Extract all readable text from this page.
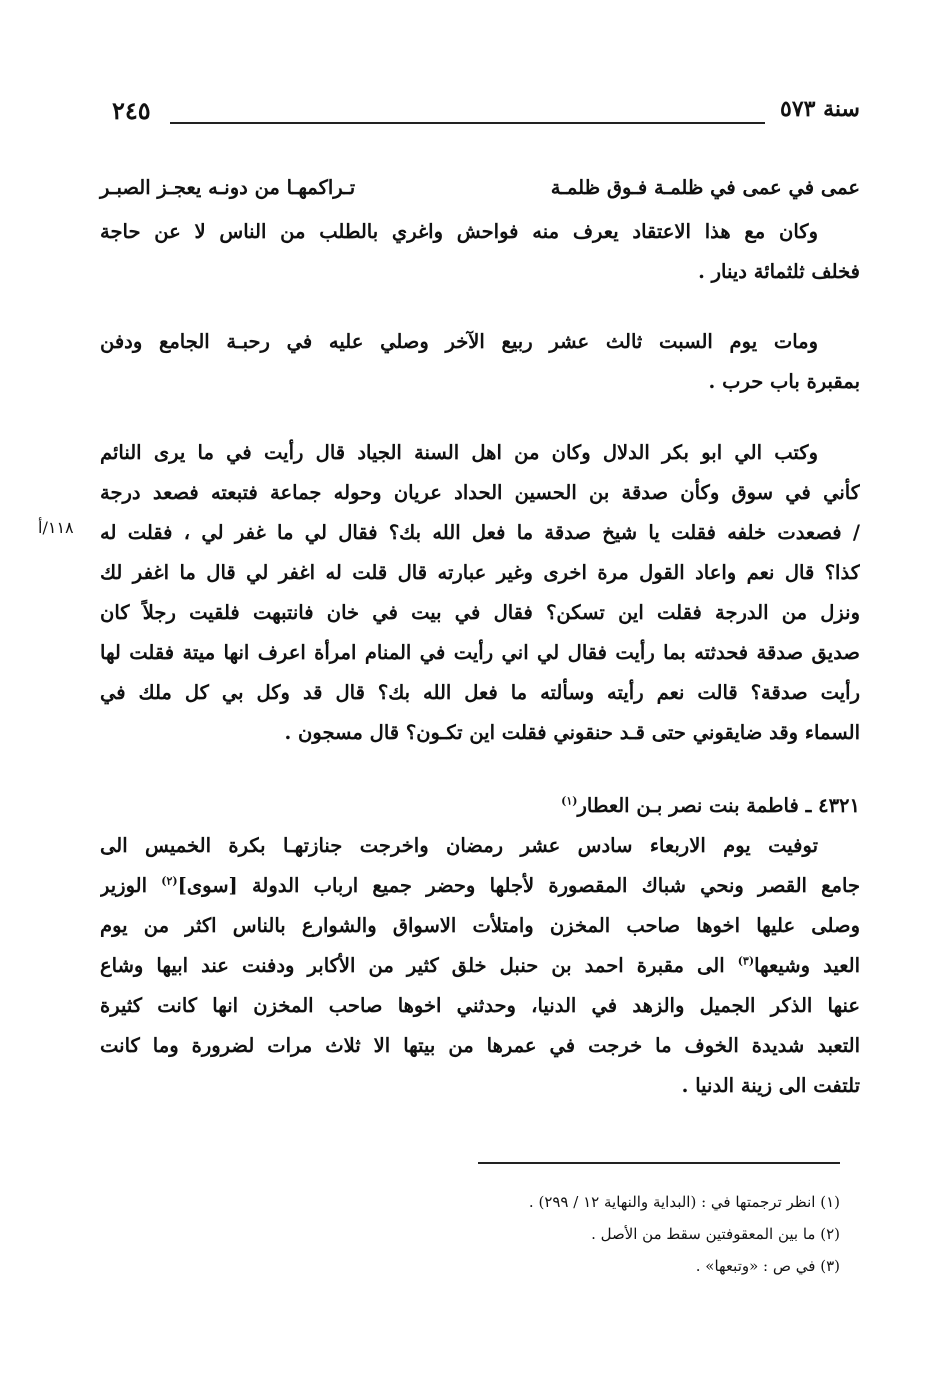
٢٤٥	سنة ٥٧٣
عمى في عمى في ظلمـة فـوق ظلمـة
تـراكمهـا من دونـه يعجـز الصبـر
وكان مع هذا الاعتقاد يعرف منه فواحش واغري بالطلب من الناس لا عن حاجة
فخلف ثلثمائة دينار .
ومات يوم السبت ثالث عشر ربيع الآخر وصلي عليه في رحبـة الجامع ودفن
بمقبرة باب حرب .
وكتب الي ابو بكر الدلال وكان من اهل السنة الجياد قال رأيت في ما يرى النائم
كأني في سوق وكأن صدقة بن الحسين الحداد عريان وحوله جماعة فتبعته فصعد درجة
/ فصعدت خلفه فقلت يا شيخ صدقة ما فعل الله بك؟ فقال لي ما غفر لي ، فقلت له
كذا؟ قال نعم واعاد القول مرة اخرى وغير عبارته قال قلت له اغفر لي قال ما اغفر لك
ونزل من الدرجة فقلت اين تسكن؟ فقال في بيت في خان فانتبهت فلقيت رجلاً كان
صديق صدقة فحدثته بما رأيت فقال لي اني رأيت في المنام امرأة اعرف انها ميتة فقلت لها
رأيت صدقة؟ قالت نعم رأيته وسألته ما فعل الله بك؟ قال قد وكل بي كل ملك في
السماء وقد ضايقوني حتى قـد حنقوني فقلت اين تكـون؟ قال مسجون .
١١٨/أ
٤٣٢١ ـ فاطمة بنت نصر بـن العطار$^{(١)}$
توفيت يوم الاربعاء سادس عشر رمضان واخرجت جنازتهـا بكرة الخميس الى
جامع القصر ونحي شباك المقصورة لأجلها وحضر جميع ارباب الدولة [سوى]$^{(٢)}$ الوزير
وصلى عليها اخوها صاحب المخزن وامتلأت الاسواق والشوارع بالناس اكثر من يوم
العيد وشيعها$^{(٣)}$ الى مقبرة احمد بن حنبل خلق كثير من الأكابر ودفنت عند ابيها وشاع
عنها الذكر الجميل والزهد في الدنيا، وحدثني اخوها صاحب المخزن انها كانت كثيرة
التعبد شديدة الخوف ما خرجت في عمرها من بيتها الا ثلاث مرات لضرورة وما كانت
تلتفت الى زينة الدنيا .
(١) انظر ترجمتها في : (البداية والنهاية ١٢ / ٢٩٩) .
(٢) ما بين المعقوفتين سقط من الأصل .
(٣) في ص : «وتبعها» .
